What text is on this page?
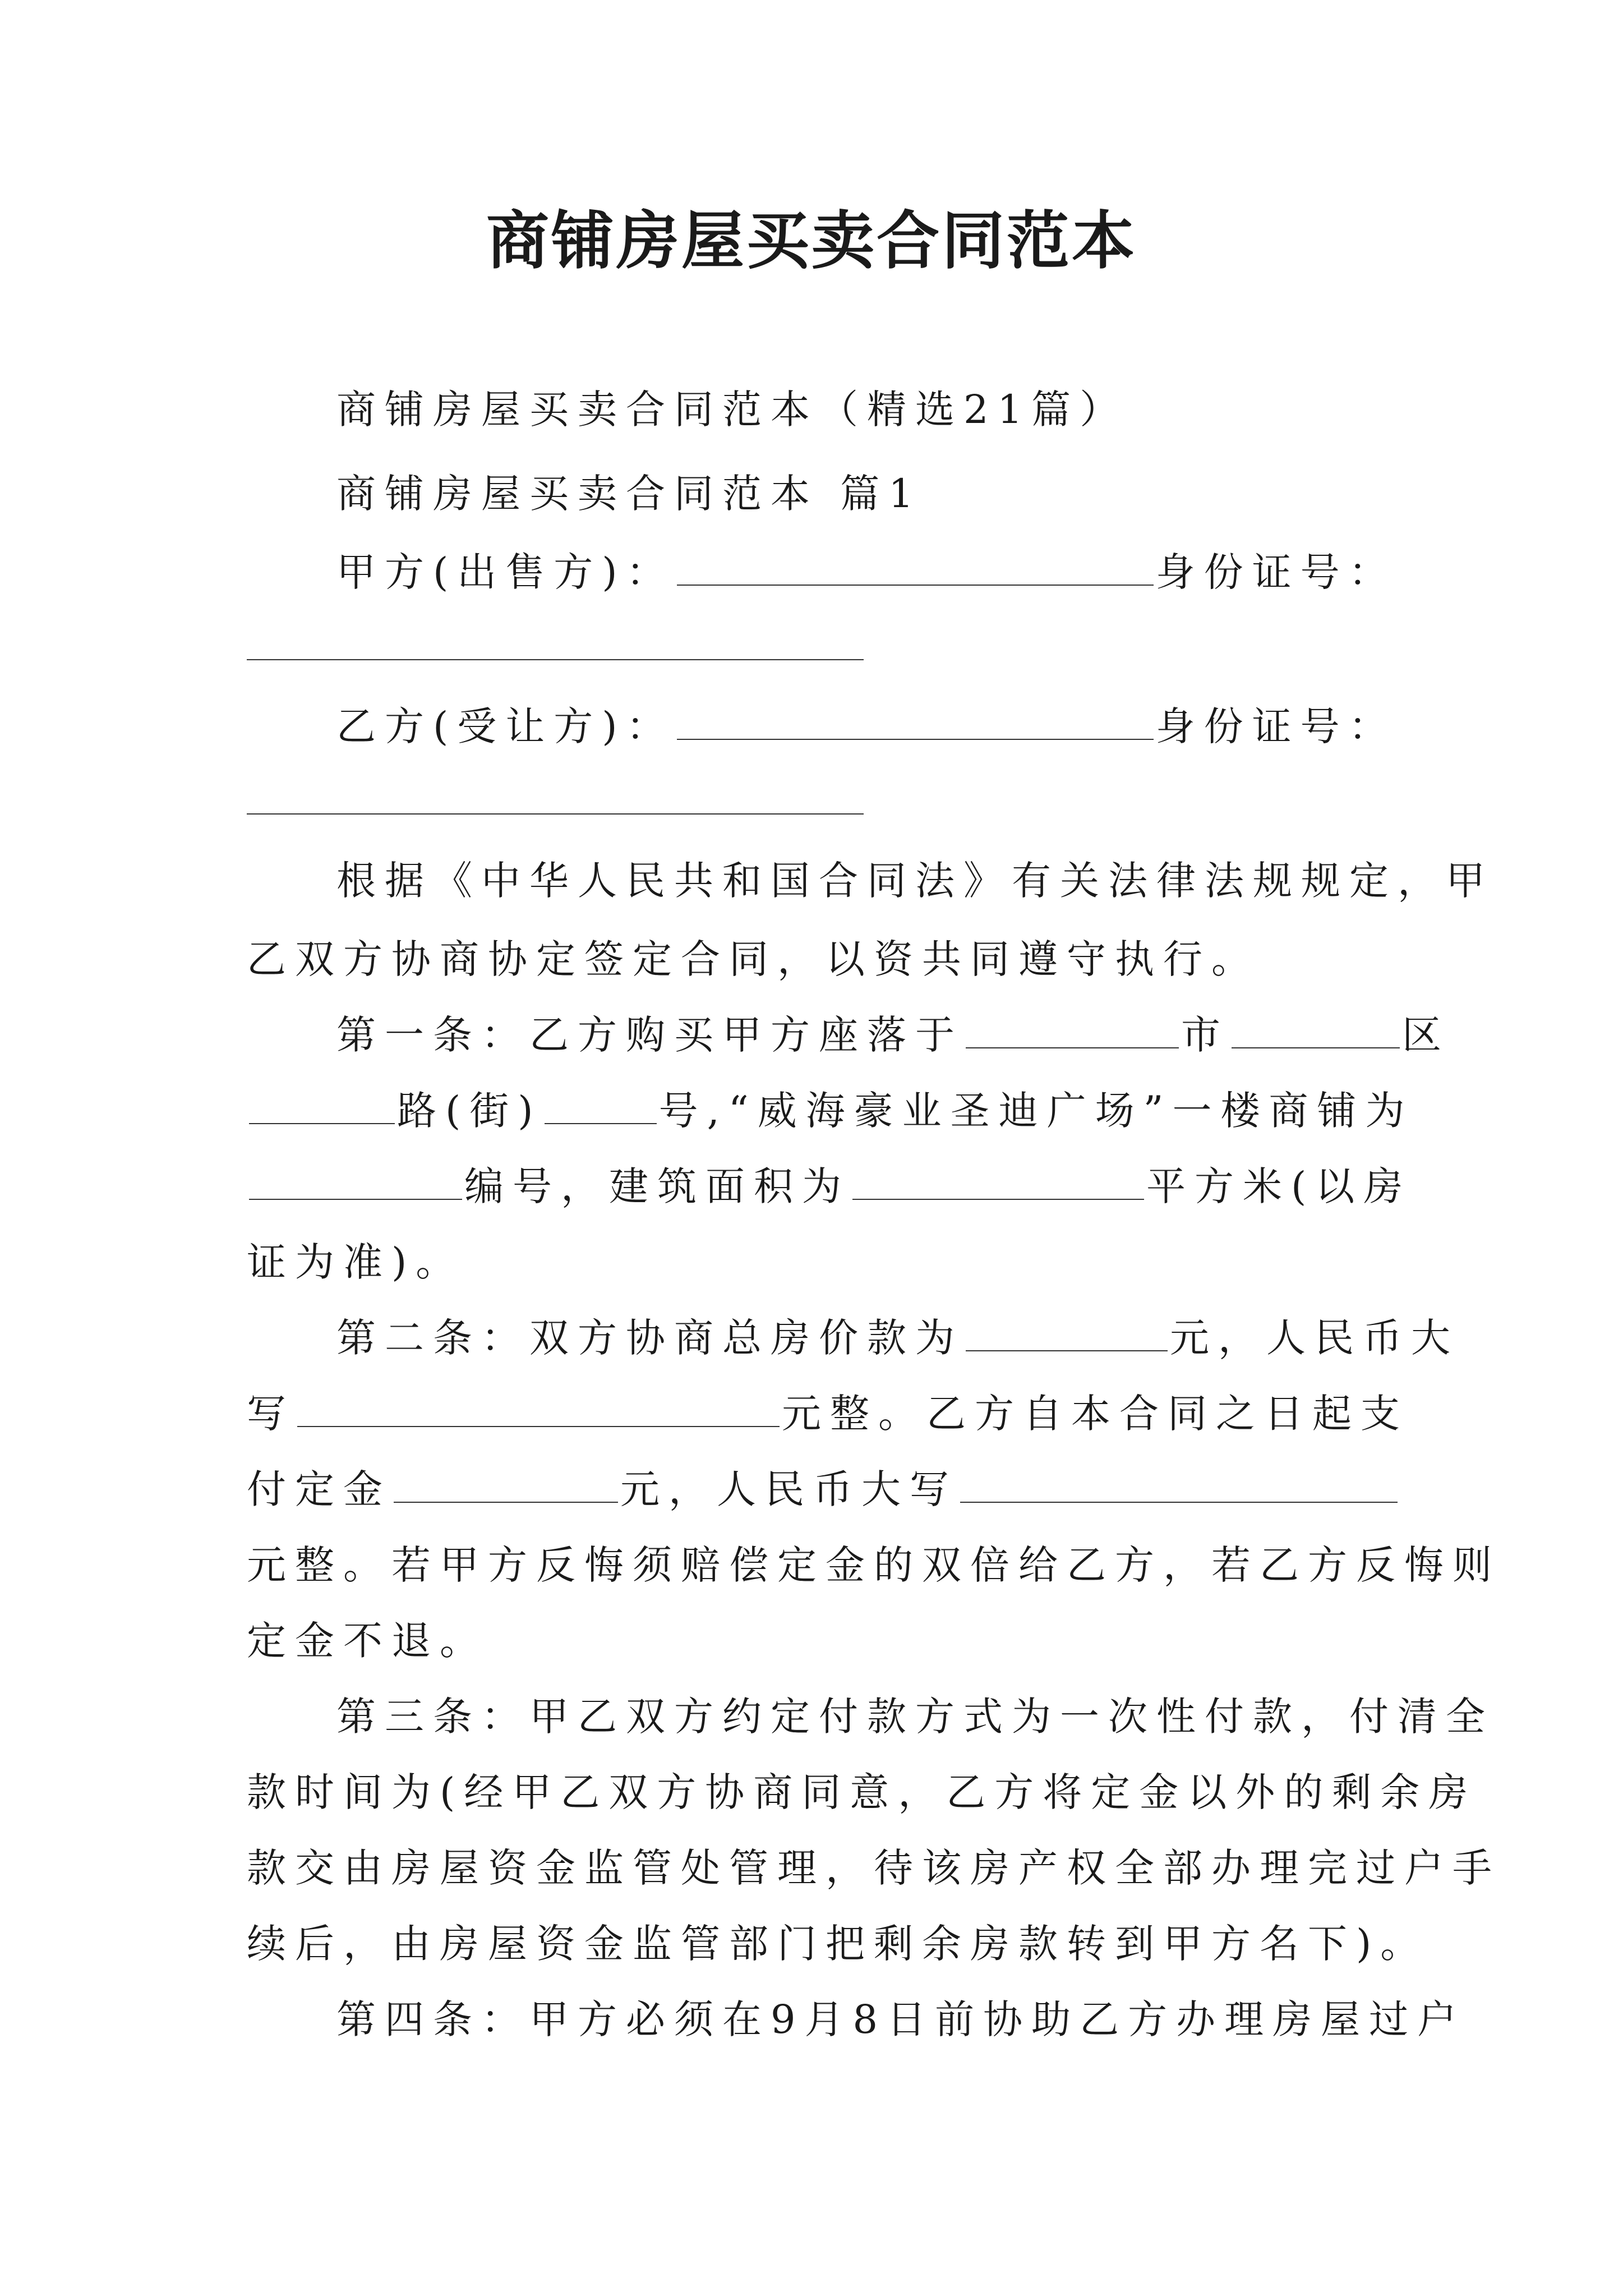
商铺房屋买卖合同范本
商铺房屋买卖合同范本（精选21篇）
商铺房屋买卖合同范本 篇1
甲方(出售方)：	身份证号：
乙方(受让方)：	身份证号：
根据《中华人民共和国合同法》有关法律法规规定，甲
乙双方协商协定签定合同，以资共同遵守执行。
第一条：乙方购买甲方座落于	市	区
路(街)	号,“威海豪业圣迪广场”一楼商铺为
编号，建筑面积为	平方米(以房
证为准)。
第二条：双方协商总房价款为	元，人民币大
写	元整。乙方自本合同之日起支
付定金	元，人民币大写
元整。若甲方反悔须赔偿定金的双倍给乙方，若乙方反悔则
定金不退。
第三条：甲乙双方约定付款方式为一次性付款，付清全
款时间为(经甲乙双方协商同意，乙方将定金以外的剩余房
款交由房屋资金监管处管理，待该房产权全部办理完过户手
续后，由房屋资金监管部门把剩余房款转到甲方名下)。
第四条：甲方必须在9月8日前协助乙方办理房屋过户
